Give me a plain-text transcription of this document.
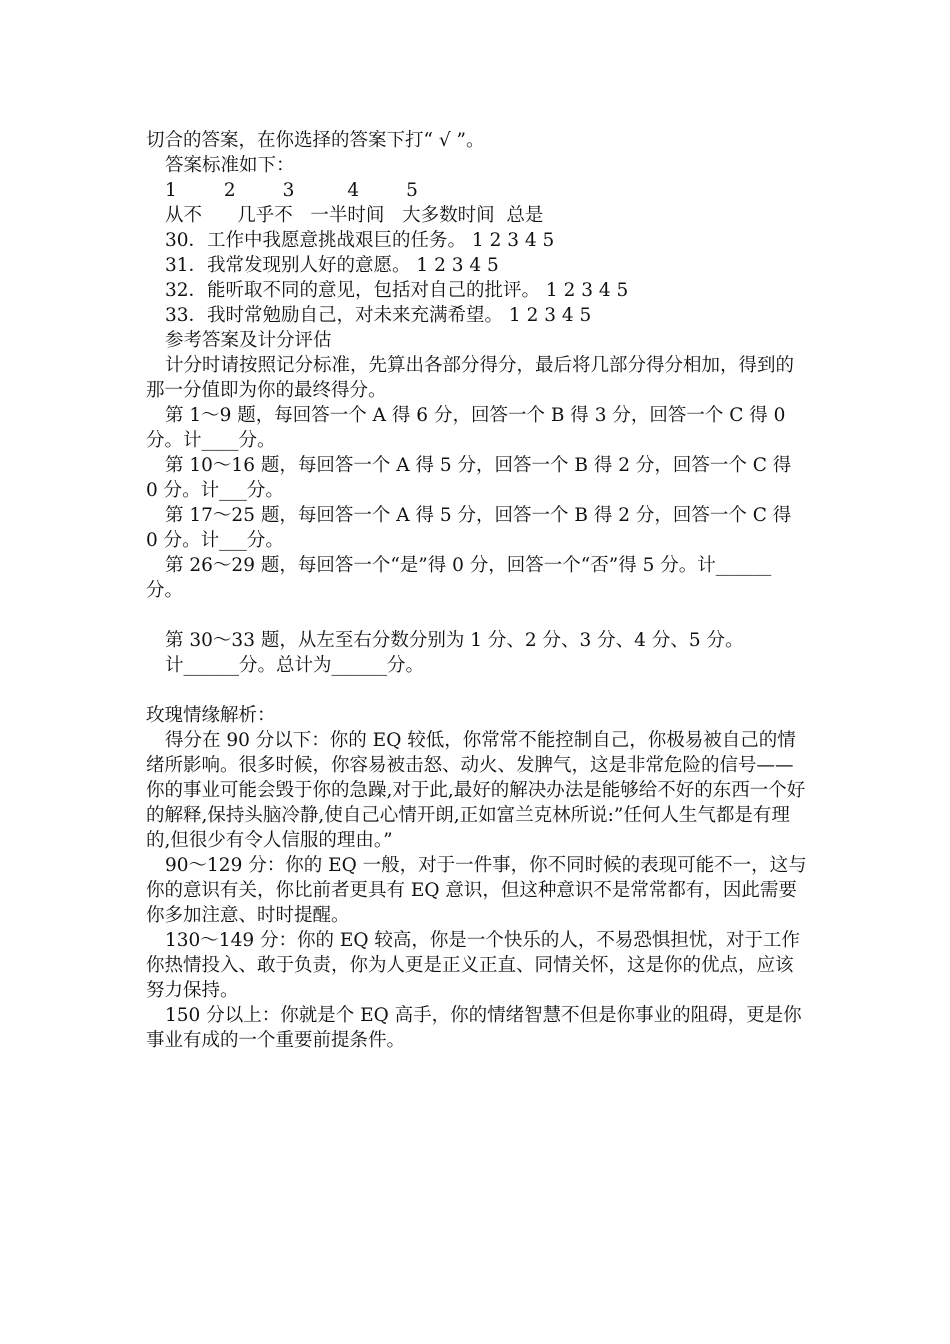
切合的答案，在你选择的答案下打“ √ ”。

答案标准如下：

1        2        3         4        5

从不      几乎不   一半时间   大多数时间  总是

30．工作中我愿意挑战艰巨的任务。 1 2 3 4 5

31．我常发现别人好的意愿。 1 2 3 4 5

32．能听取不同的意见，包括对自己的批评。 1 2 3 4 5

33．我时常勉励自己，对未来充满希望。 1 2 3 4 5

参考答案及计分评估

计分时请按照记分标准，先算出各部分得分，最后将几部分得分相加，得到的那一分值即为你的最终得分。

第 1～9 题，每回答一个 A 得 6 分，回答一个 B 得 3 分，回答一个 C 得 0 分。计____分。

第 10～16 题，每回答一个 A 得 5 分，回答一个 B 得 2 分，回答一个 C 得 0 分。计___分。

第 17～25 题，每回答一个 A 得 5 分，回答一个 B 得 2 分，回答一个 C 得 0 分。计___分。

第 26～29 题，每回答一个“是”得 0 分，回答一个“否”得 5 分。计______分。

第 30～33 题，从左至右分数分别为 1 分、2 分、3 分、4 分、5 分。

计______分。总计为______分。

玫瑰情缘解析：

得分在 90 分以下：你的 EQ 较低，你常常不能控制自己，你极易被自己的情绪所影响。很多时候，你容易被击怒、动火、发脾气，这是非常危险的信号——你的事业可能会毁于你的急躁,对于此,最好的解决办法是能够给不好的东西一个好的解释,保持头脑冷静,使自己心情开朗,正如富兰克林所说:”任何人生气都是有理的,但很少有令人信服的理由。”

90～129 分：你的 EQ 一般，对于一件事，你不同时候的表现可能不一，这与你的意识有关，你比前者更具有 EQ 意识，但这种意识不是常常都有，因此需要你多加注意、时时提醒。

130～149 分：你的 EQ 较高，你是一个快乐的人，不易恐惧担忧，对于工作你热情投入、敢于负责，你为人更是正义正直、同情关怀，这是你的优点，应该努力保持。

150 分以上：你就是个 EQ 高手，你的情绪智慧不但是你事业的阻碍，更是你事业有成的一个重要前提条件。
